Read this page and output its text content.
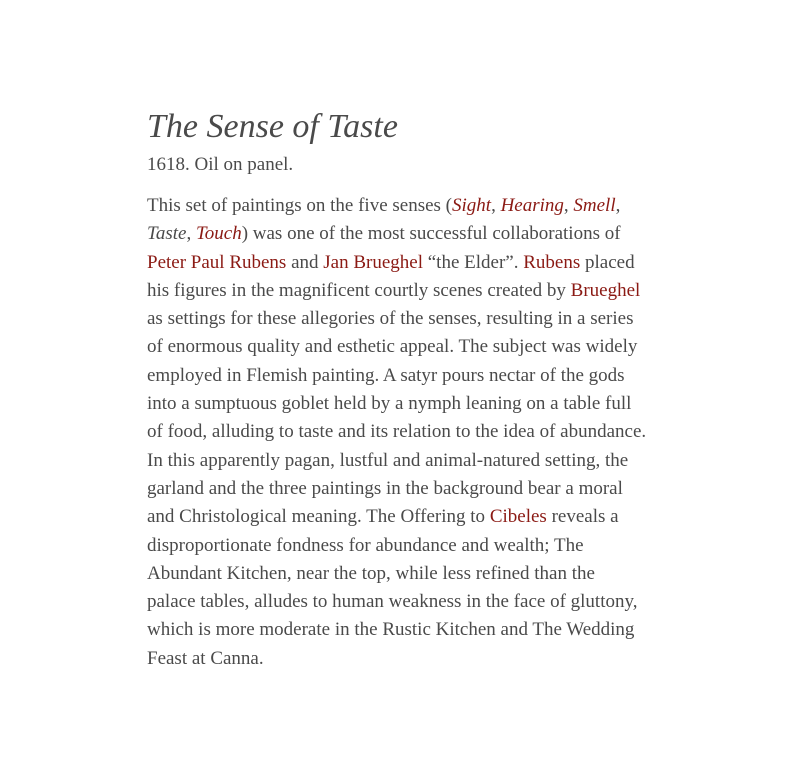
The Sense of Taste
1618. Oil on panel.

This set of paintings on the five senses (Sight, Hearing, Smell, Taste, Touch) was one of the most successful collaborations of Peter Paul Rubens and Jan Brueghel “the Elder”. Rubens placed his figures in the magnificent courtly scenes created by Brueghel as settings for these allegories of the senses, resulting in a series of enormous quality and esthetic appeal. The subject was widely employed in Flemish painting. A satyr pours nectar of the gods into a sumptuous goblet held by a nymph leaning on a table full of food, alluding to taste and its relation to the idea of abundance. In this apparently pagan, lustful and animal-natured setting, the garland and the three paintings in the background bear a moral and Christological meaning. The Offering to Cibeles reveals a disproportionate fondness for abundance and wealth; The Abundant Kitchen, near the top, while less refined than the palace tables, alludes to human weakness in the face of gluttony, which is more moderate in the Rustic Kitchen and The Wedding Feast at Canna.
